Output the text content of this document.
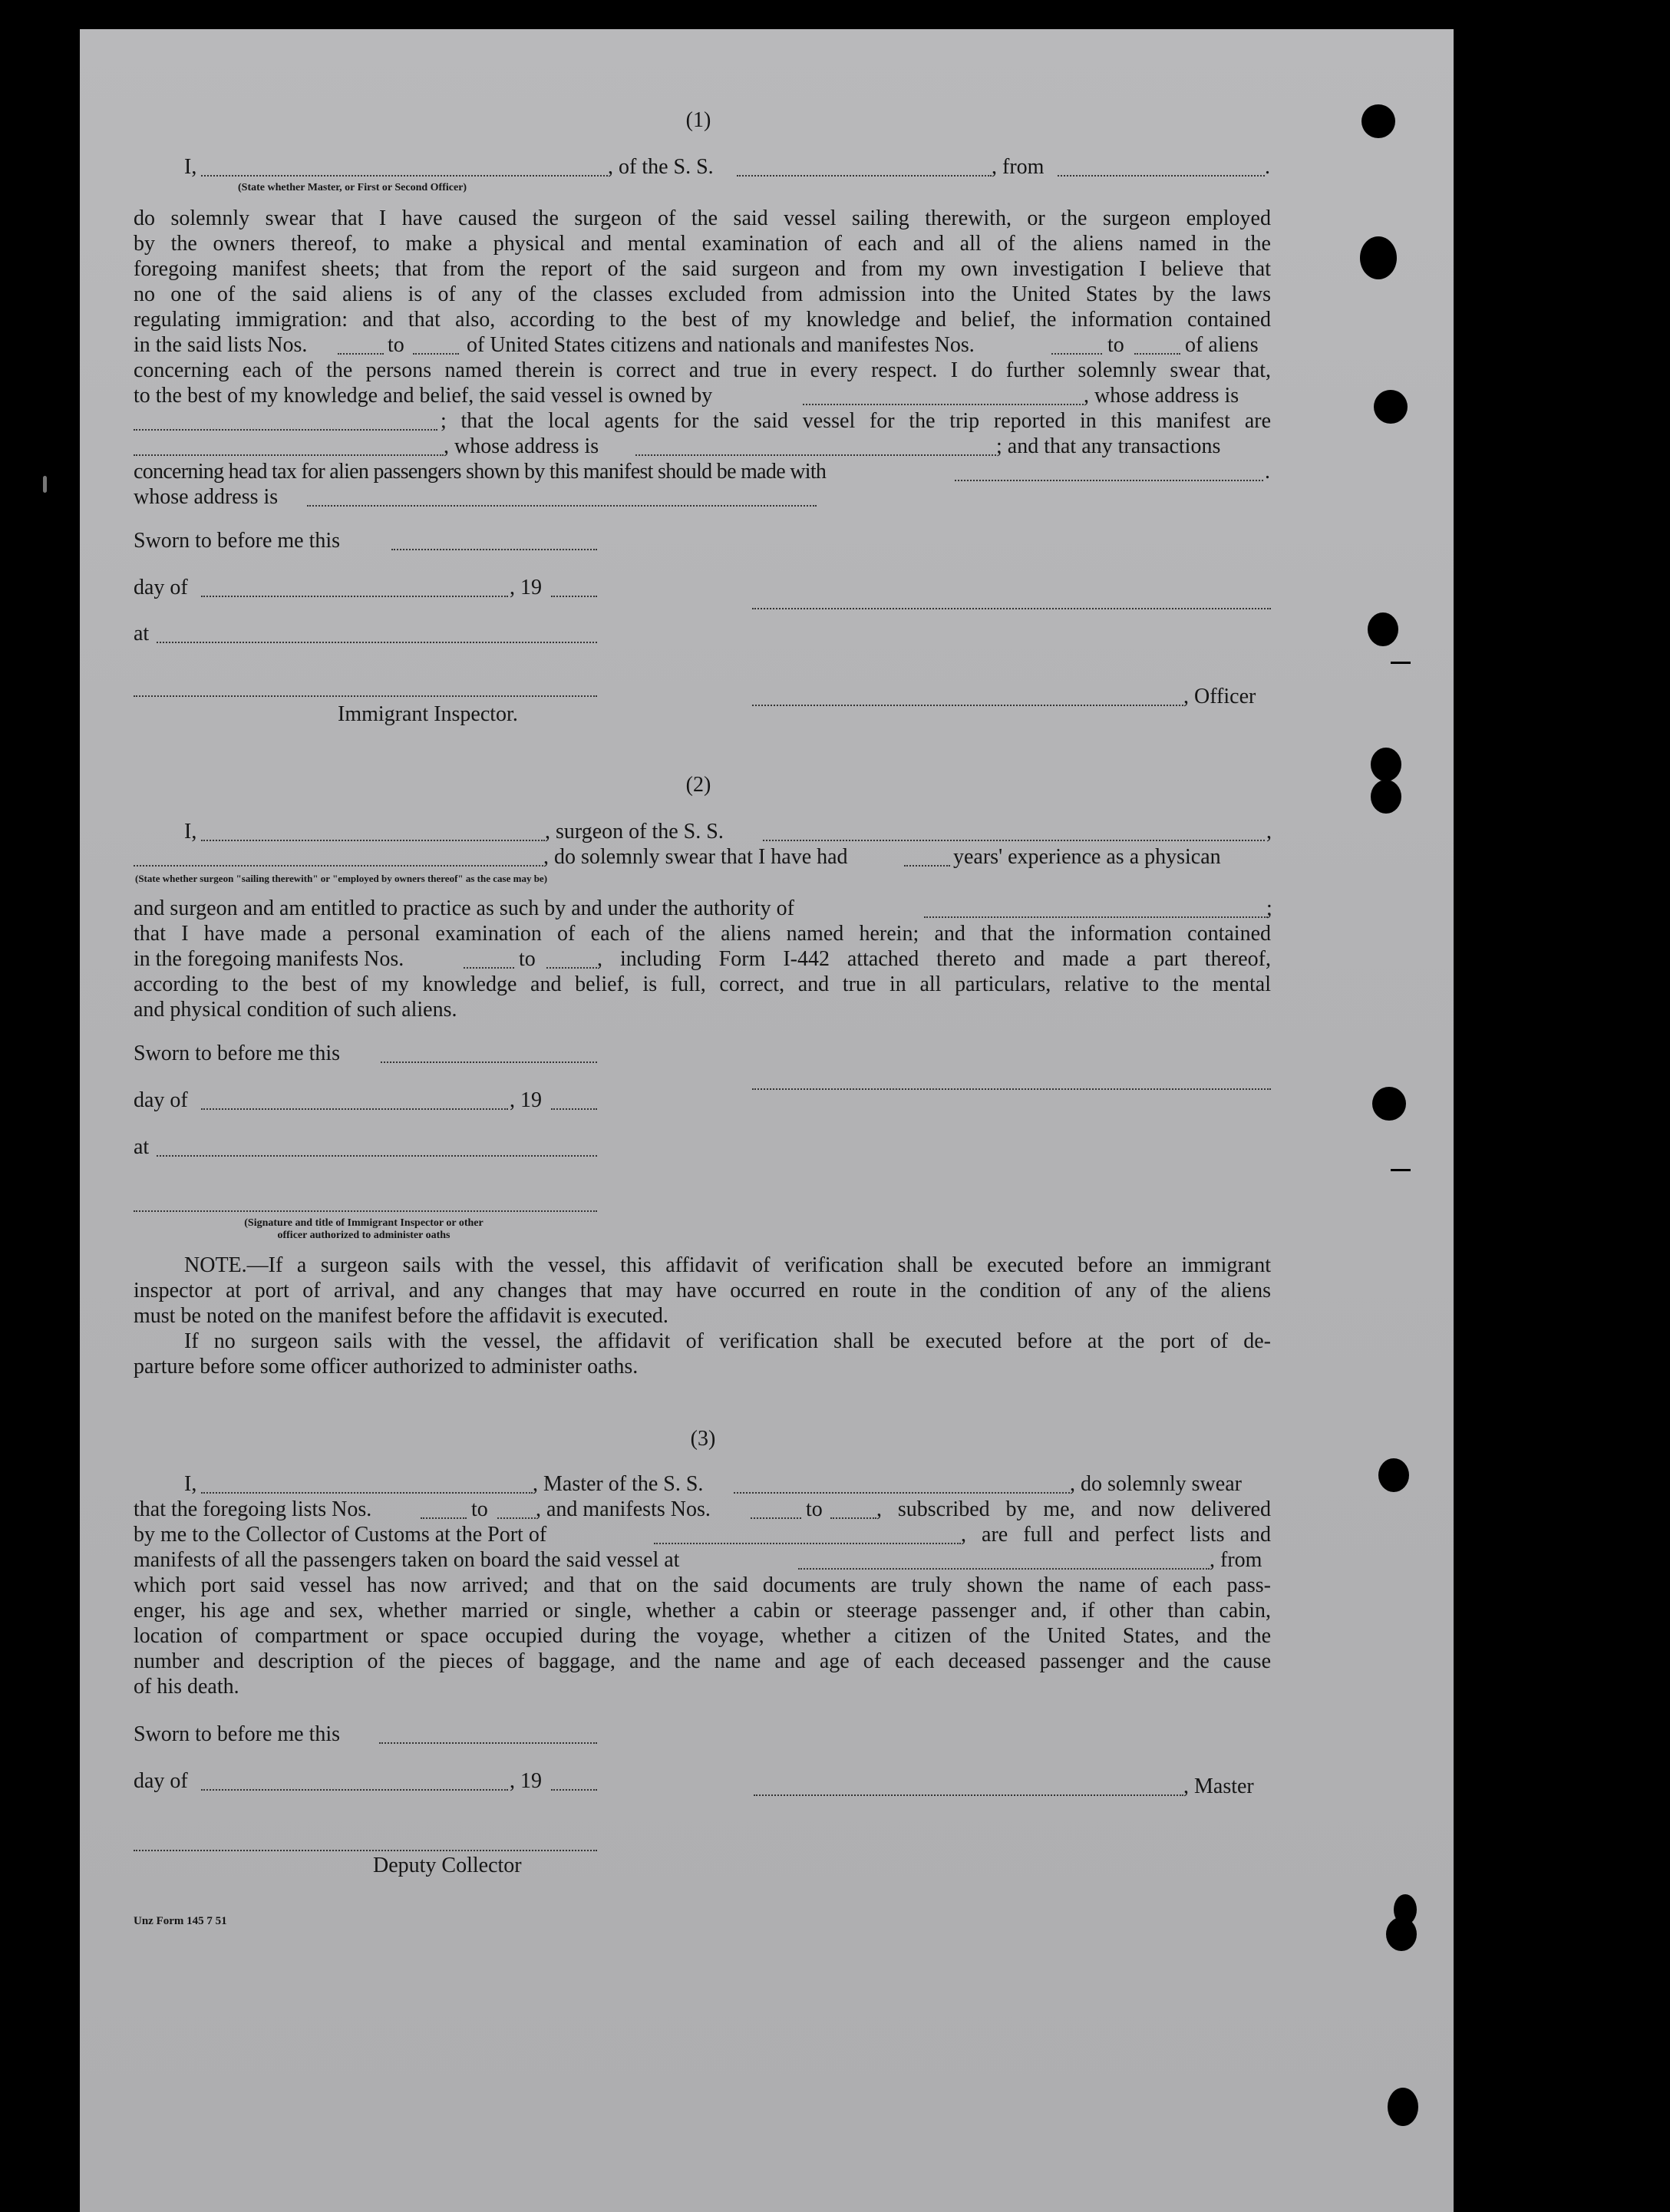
(1)
I,	, of the S. S.	, from	.
(State whether Master, or First or Second Officer)
do solemnly swear that I have caused the surgeon of the said vessel sailing therewith, or the surgeon employed
by the owners thereof, to make a physical and mental examination of each and all of the aliens named in the
foregoing manifest sheets; that from the report of the said surgeon and from my own investigation I believe that
no one of the said aliens is of any of the classes excluded from admission into the United States by the laws
regulating immigration: and that also, according to the best of my knowledge and belief, the information contained
in the said lists Nos.	to	of United States citizens and nationals and manifestes Nos.	to	of aliens
concerning each of the persons named therein is correct and true in every respect. I do further solemnly swear that,
to the best of my knowledge and belief, the said vessel is owned by	, whose address is
; that the local agents for the said vessel for the trip reported in this manifest are
, whose address is	; and that any transactions
concerning head tax for alien passengers shown by this manifest should be made with	.
whose address is
Sworn to before me this
day of	, 19
at
, Officer
Immigrant Inspector.
(2)
I,	, surgeon of the S. S.	,
, do solemnly swear that I have had	years' experience as a physican
(State whether surgeon "sailing therewith" or "employed by owners thereof" as the case may be)
and surgeon and am entitled to practice as such by and under the authority of	;
that I have made a personal examination of each of the aliens named herein; and that the information contained
in the foregoing manifests Nos.	to	, including Form I-442 attached thereto and made a part thereof,
according to the best of my knowledge and belief, is full, correct, and true in all particulars, relative to the mental
and physical condition of such aliens.
Sworn to before me this
day of	, 19
at
(Signature and title of Immigrant Inspector or other
officer authorized to administer oaths
NOTE.—If a surgeon sails with the vessel, this affidavit of verification shall be executed before an immigrant
inspector at port of arrival, and any changes that may have occurred en route in the condition of any of the aliens
must be noted on the manifest before the affidavit is executed.
If no surgeon sails with the vessel, the affidavit of verification shall be executed before at the port of de-
parture before some officer authorized to administer oaths.
(3)
I,	, Master of the S. S.	, do solemnly swear
that the foregoing lists Nos.	to , and manifests Nos.	to	, subscribed by me, and now delivered
by me to the Collector of Customs at the Port of	, are full and perfect lists and
manifests of all the passengers taken on board the said vessel at	, from
which port said vessel has now arrived; and that on the said documents are truly shown the name of each pass-
enger, his age and sex, whether married or single, whether a cabin or steerage passenger and, if other than cabin,
location of compartment or space occupied during the voyage, whether a citizen of the United States, and the
number and description of the pieces of baggage, and the name and age of each deceased passenger and the cause
of his death.
Sworn to before me this
day of	, 19	, Master
Deputy Collector
Unz Form 145 7 51
